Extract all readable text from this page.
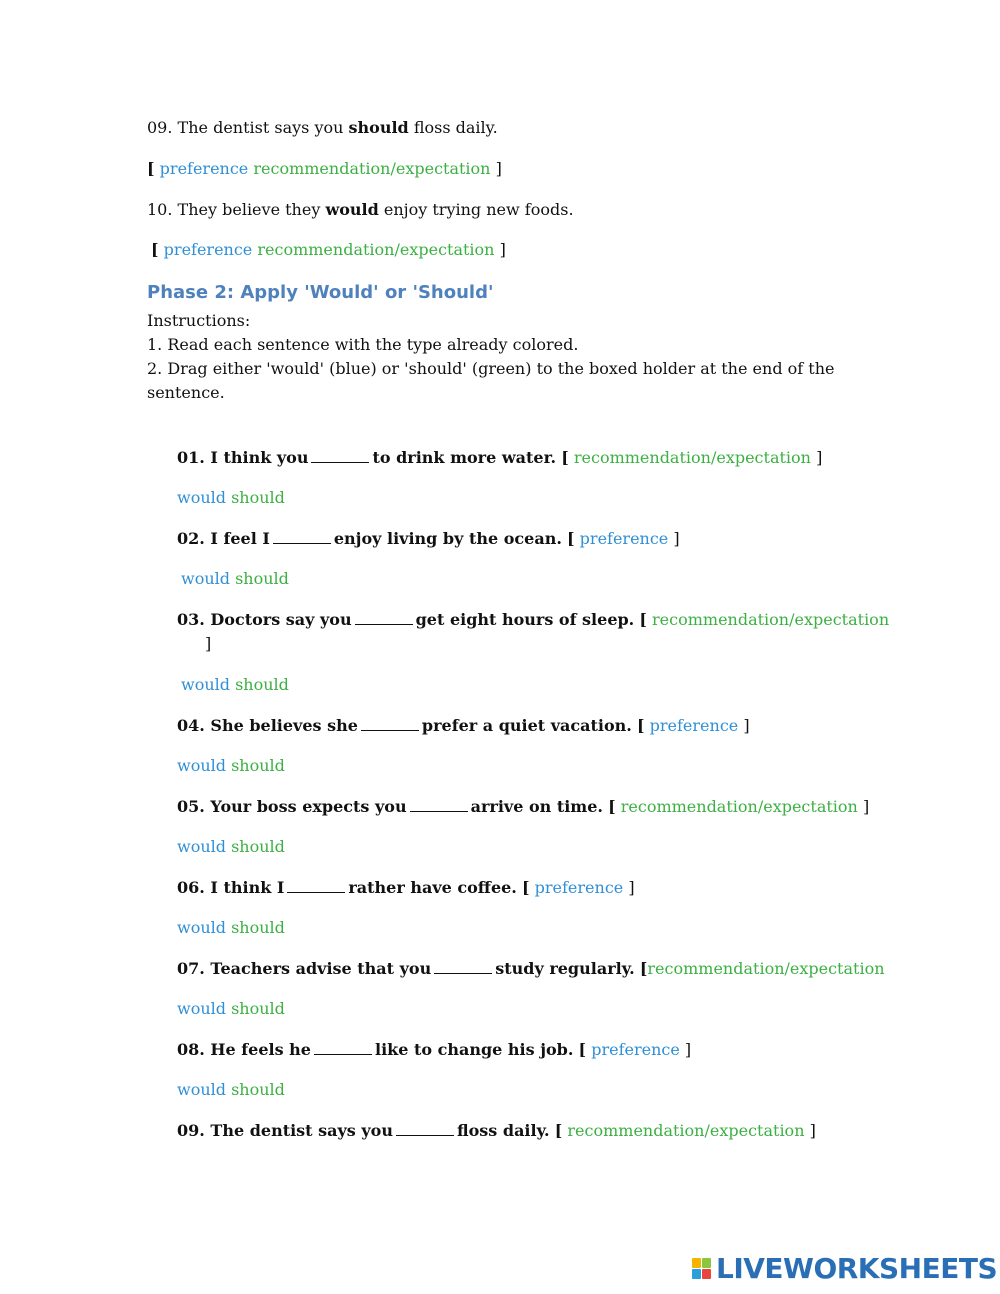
09. The dentist says you should floss daily.
[ preference recommendation/expectation ]
10. They believe they would enjoy trying new foods.
[ preference recommendation/expectation ]
Phase 2: Apply 'Would' or 'Should'
Instructions:
1. Read each sentence with the type already colored.
2. Drag either 'would' (blue) or 'should' (green) to the boxed holder at the end of the
sentence.
01. I think you	to drink more water. [ recommendation/expectation ]
would should
02. I feel I	enjoy living by the ocean. [ preference ]
would should
03. Doctors say you	get eight hours of sleep. [ recommendation/expectation
]
would should
04. She believes she	prefer a quiet vacation. [ preference ]
would should
05. Your boss expects you	arrive on time. [ recommendation/expectation ]
would should
06. I think I	rather have coffee. [ preference ]
would should
07. Teachers advise that you	study regularly. [recommendation/expectation
would should
08. He feels he	like to change his job. [ preference ]
would should
09. The dentist says you	floss daily. [ recommendation/expectation ]
LIVEWORKSHEETS
